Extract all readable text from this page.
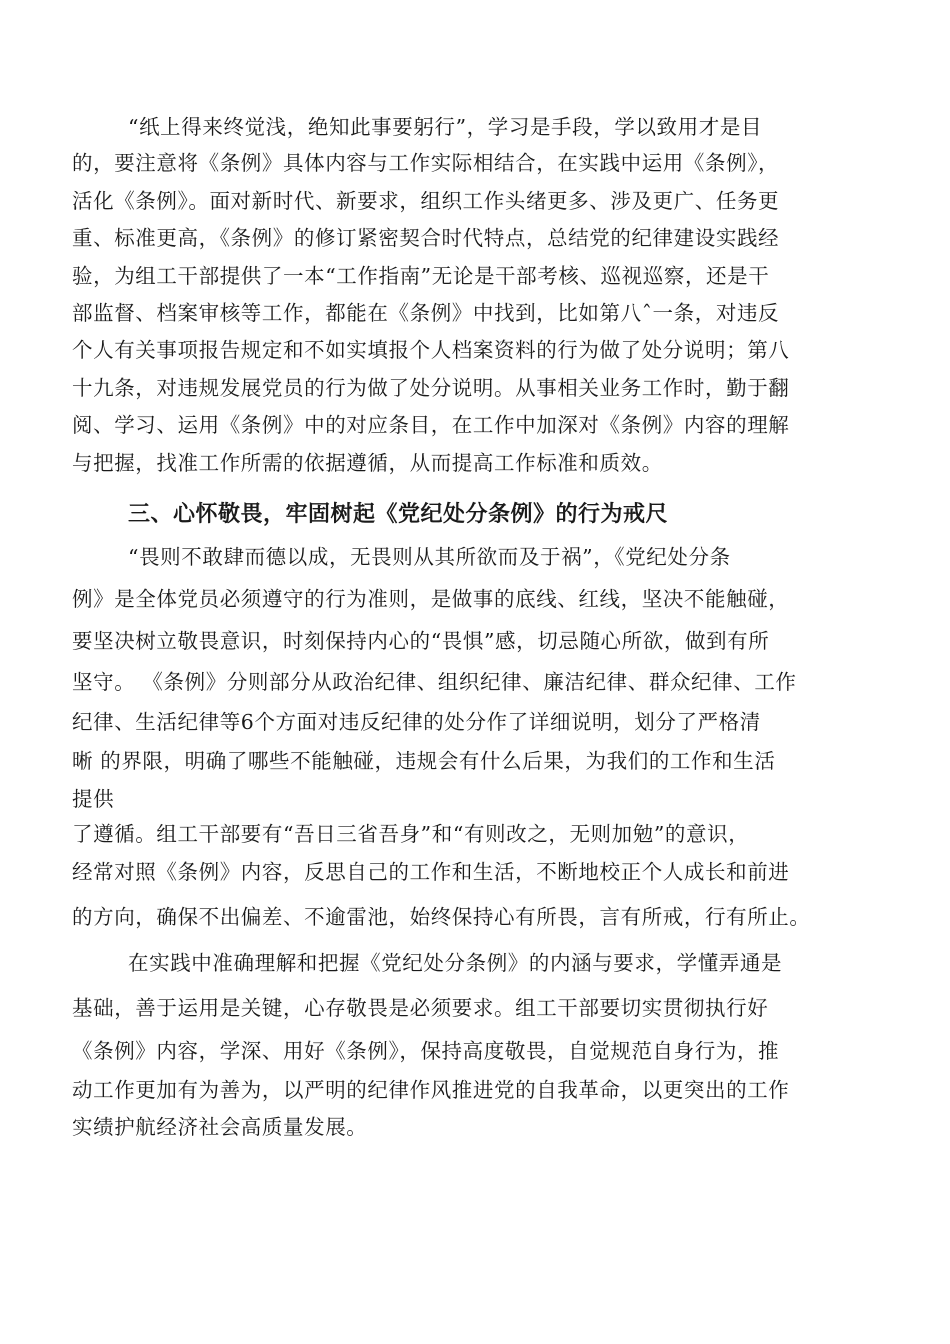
“纸上得来终觉浅，绝知此事要躬行”，学习是手段，学以致用才是目
的，要注意将《条例》具体内容与工作实际相结合，在实践中运用《条例》，
活化《条例》。面对新时代、新要求，组织工作头绪更多、涉及更广、任务更
重、标准更高，《条例》的修订紧密契合时代特点，总结党的纪律建设实践经
验，为组工干部提供了一本“工作指南”无论是干部考核、巡视巡察，还是干
部监督、档案审核等工作，都能在《条例》中找到，比如第八ˆ一条，对违反
个人有关事项报告规定和不如实填报个人档案资料的行为做了处分说明；第八
十九条，对违规发展党员的行为做了处分说明。从事相关业务工作时，勤于翻
阅、学习、运用《条例》中的对应条目，在工作中加深对《条例》内容的理解
与把握，找准工作所需的依据遵循，从而提高工作标准和质效。
三、心怀敬畏，牢固树起《党纪处分条例》的行为戒尺
“畏则不敢肆而德以成，无畏则从其所欲而及于祸”，《党纪处分条
例》是全体党员必须遵守的行为准则，是做事的底线、红线，坚决不能触碰，
要坚决树立敬畏意识，时刻保持内心的“畏惧”感，切忌随心所欲，做到有所
坚守。 《条例》分则部分从政治纪律、组织纪律、廉洁纪律、群众纪律、工作
纪律、生活纪律等6个方面对违反纪律的处分作了详细说明，划分了严格清
晰 的界限，明确了哪些不能触碰，违规会有什么后果，为我们的工作和生活
提供
了遵循。组工干部要有“吾日三省吾身”和“有则改之，无则加勉”的意识，
经常对照《条例》内容，反思自己的工作和生活，不断地校正个人成长和前进
的方向，确保不出偏差、不逾雷池，始终保持心有所畏，言有所戒，行有所止。
在实践中准确理解和把握《党纪处分条例》的内涵与要求，学懂弄通是
基础，善于运用是关键，心存敬畏是必须要求。组工干部要切实贯彻执行好
《条例》内容，学深、用好《条例》，保持高度敬畏，自觉规范自身行为，推
动工作更加有为善为，以严明的纪律作风推进党的自我革命，以更突出的工作
实绩护航经济社会高质量发展。
